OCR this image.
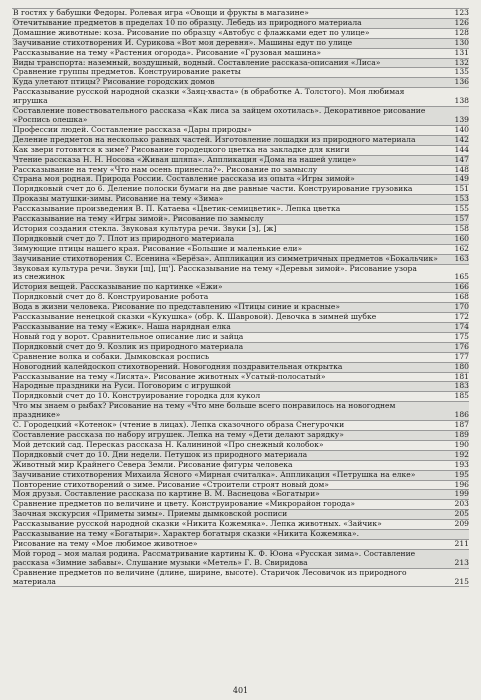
В гостях у бабушки Федоры. Ролевая игра «Овощи и фрукты в магазине»	123
Отечитывание предметов в пределах 10 по образцу. Лебедь из природного материала	126
Домашние животные: коза. Рисование по образцу «Автобус с флажками едет по улице»	128
Заучивание стихотворения И. Сурикова «Вот моя деревня». Машины едут по улице	130
Рассказывание на тему «Растения огорода». Рисование «Грузовая машина»	131
Виды транспорта: наземный, воздушный, водный. Составление рассказа-описания «Лиса»	132
Сравнение группы предметов. Конструирование ракеты	135
Куда улетают птицы? Рисование городских домов	136
Рассказывание русской народной сказки «Заяц-хваста» (в обработке А. Толстого). Моя любимая
игрушка	138
Составление повествовательного рассказа «Как лиса за зайцем охотилась». Декоративное рисование
«Роспись олешка»	139
Профессии людей. Составление рассказа «Дары природы»	140
Деление предметов на несколько равных частей. Изготовление лошадки из природного материала	142
Как звери готовятся к зиме? Рисование городецкого цветка на закладке для книги	144
Чтение рассказа Н. Н. Носова «Живая шляпа». Аппликация «Дома на нашей улице»	147
Рассказывание на тему «Что нам осень принесла?». Рисование по замыслу	148
Страна моя родная. Природа России. Составление рассказа из опыта «Игры зимой»	149
Порядковый счет до 6. Деление полоски бумаги на две равные части. Конструирование грузовика	151
Проказы матушки-зимы. Рисование на тему «Зима»	153
Рассказывание произведения В. П. Катаева «Цветик-семицветик». Лепка цветка	155
Рассказывание на тему «Игры зимой». Рисование по замыслу	157
История создания стекла. Звуковая культура речи. Звуки [з], [ж]	158
Порядковый счет до 7. Плот из природного материала	160
Зимующие птицы нашего края. Рисование «Большие и маленькие ели»	162
Заучивание стихотворения С. Есенина «Берёза». Аппликация из симметричных предметов «Бокальчик»	163
Звуковая культура речи. Звуки [щ], [щ']. Рассказывание на тему «Деревья зимой». Рисование узора
из снежинок	165
История вещей. Рассказывание по картинке «Ёжи»	166
Порядковый счет до 8. Конструирование робота	168
Вода в жизни человека. Рисование по представлению «Птицы синие и красные»	170
Рассказывание ненецкой сказки «Кукушка» (обр. К. Шавровой). Девочка в зимней шубке	172
Рассказывание на тему «Ежик». Наша нарядная елка	174
Новый год у ворот. Сравнительное описание лис и зайца	175
Порядковый счет до 9. Козлик из природного материала	176
Сравнение волка и собаки. Дымковская роспись	177
Новогодний калейдоскоп стихотворений. Новогодняя поздравительная открытка	180
Рассказывание на тему «Лисята». Рисование животных «Усатый-полосатый»	181
Народные праздники на Руси. Поговорим с игрушкой	183
Порядковый счет до 10. Конструирование городка для кукол	185
Что мы знаем о рыбах? Рисование на тему «Что мне больше всего понравилось на новогоднем
празднике»	186
С. Городецкий «Котенок» (чтение в лицах). Лепка сказочного образа Снегурочки	187
Составление рассказа по набору игрушек. Лепка на тему «Дети делают зарядку»	189
Мой детский сад. Пересказ рассказа Н. Калининой «Про снежный колобок»	190
Порядковый счет до 10. Дни недели. Петушок из природного материала	192
Животный мир Крайнего Севера Земли. Рисование фигуры человека	193
Заучивание стихотворения Михаила Ясного «Мирная считалка». Аппликация «Петрушка на елке»	195
Повторение стихотворений о зиме. Рисование «Строители строят новый дом»	196
Моя друзья. Составление рассказа по картине В. М. Васнецова «Богатыри»	199
Сравнение предметов по величине и цвету. Конструирование «Микрорайон города»	203
Заочная экскурсия «Приметы зимы». Приемы дымковской росписи	205
Рассказывание русской народной сказки «Никита Кожемяка». Лепка животных. «Зайчик»	209
Рассказывание на тему «Богатыри». Характер богатыря сказки «Никита Кожемяка».
Рисование на тему «Мое любимое животное»	211
Мой город – моя малая родина. Рассматривание картины К. Ф. Юона «Русская зима». Составление
рассказа «Зимние забавы». Слушание музыки «Метель» Г. В. Свиридова	213
Сравнение предметов по величине (длине, ширине, высоте). Старичок Лесовичок из природного
материала	215
401
